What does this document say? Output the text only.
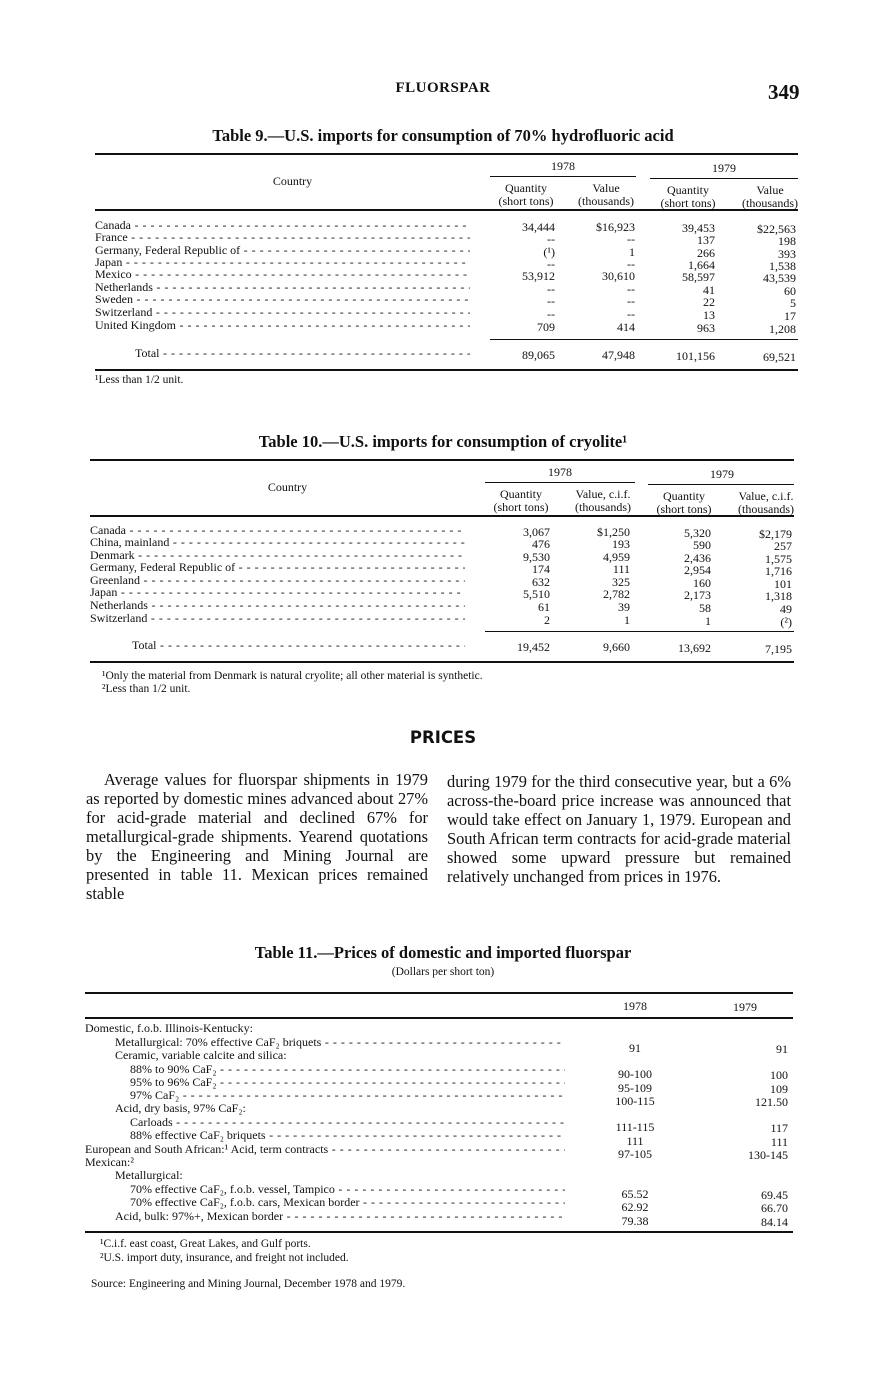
FLUORSPAR	349
Table 9.—U.S. imports for consumption of 70% hydrofluoric acid
Country
1978	1979
Quantity
(short tons)
Value
(thousands)
Quantity
(short tons)
Value
(thousands)
Canada - - -	34,444	$16,923	39,453	$22,563
France - - -	--	--	137	198
Germany, Federal Republic of - - -	(¹)	1	266	393
Japan - - -	--	--	1,664	1,538
Mexico - - -	53,912	30,610	58,597	43,539
Netherlands - - -	--	--	41	60
Sweden - - -	--	--	22	5
Switzerland - - -	--	--	13	17
United Kingdom - - -	709	414	963	1,208
Total - - -	89,065	47,948	101,156	69,521
¹Less than 1/2 unit.
Table 10.—U.S. imports for consumption of cryolite¹
Country
1978	1979
Quantity
(short tons)
Value, c.i.f.
(thousands)
Quantity
(short tons)
Value, c.i.f.
(thousands)
Canada - - -	3,067	$1,250	5,320	$2,179
China, mainland - - -	476	193	590	257
Denmark - - -	9,530	4,959	2,436	1,575
Germany, Federal Republic of - - -	174	111	2,954	1,716
Greenland - - -	632	325	160	101
Japan - - -	5,510	2,782	2,173	1,318
Netherlands - - -	61	39	58	49
Switzerland - - -	2	1	1	(²)
Total - - -	19,452	9,660	13,692	7,195
¹Only the material from Denmark is natural cryolite; all other material is synthetic.
²Less than 1/2 unit.
PRICES

Average values for fluorspar shipments in 1979 as reported by domestic mines advanced about 27% for acid-grade material and declined 67% for metallurgical-grade shipments. Yearend quotations by the Engineering and Mining Journal are presented in table 11. Mexican prices remained stable

during 1979 for the third consecutive year, but a 6% across-the-board price increase was announced that would take effect on January 1, 1979. European and South African term contracts for acid-grade material showed some upward pressure but remained relatively unchanged from prices in 1976.

Table 11.—Prices of domestic and imported fluorspar
(Dollars per short ton)
1978	1979
Domestic, f.o.b. Illinois-Kentucky:
Metallurgical: 70% effective CaF₂ briquets - - -	91	91
Ceramic, variable calcite and silica:
88% to 90% CaF₂ - - -	90-100	100
95% to 96% CaF₂ - - -	95-109	109
97% CaF₂ - - -	100-115	121.50
Acid, dry basis, 97% CaF₂:
Carloads - - -	111-115	117
88% effective CaF₂ briquets - - -	111	111
European and South African:¹ Acid, term contracts - - -	97-105	130-145
Mexican:²
Metallurgical:
70% effective CaF₂, f.o.b. vessel, Tampico - - -	65.52	69.45
70% effective CaF₂, f.o.b. cars, Mexican border - - -	62.92	66.70
Acid, bulk: 97%+, Mexican border - - -	79.38	84.14
¹C.i.f. east coast, Great Lakes, and Gulf ports.
²U.S. import duty, insurance, and freight not included.
Source: Engineering and Mining Journal, December 1978 and 1979.
